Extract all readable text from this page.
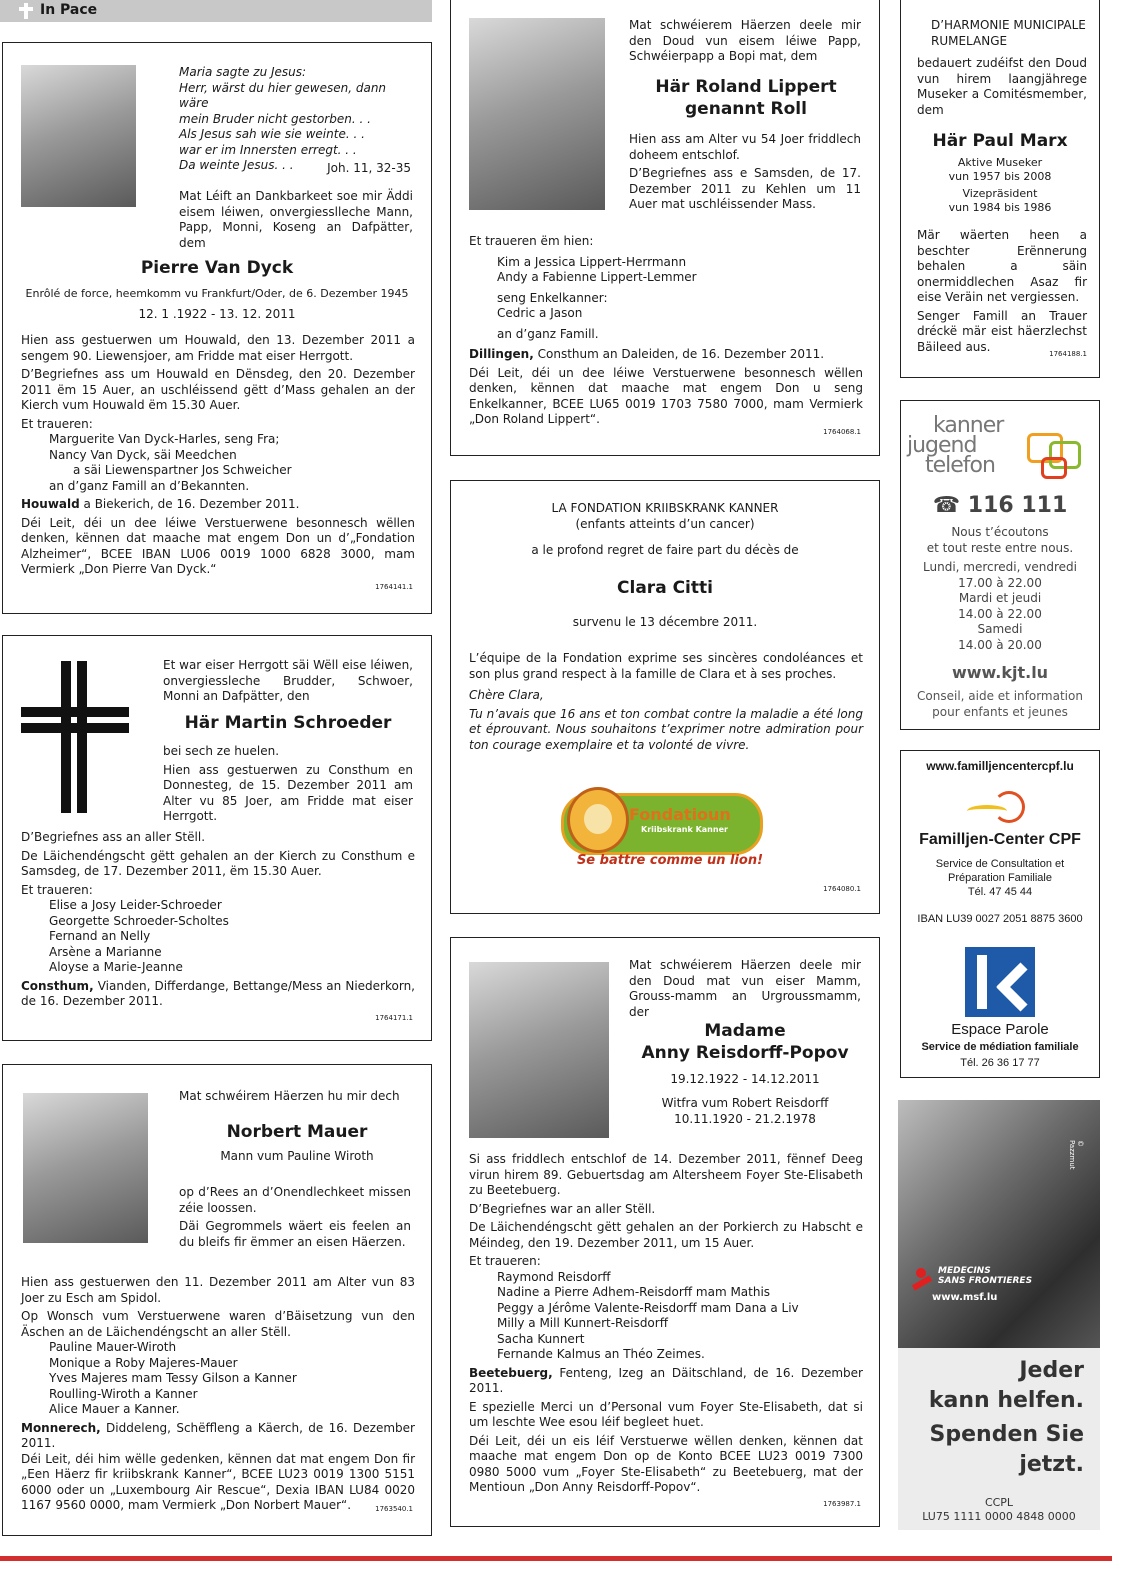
In Pace

Maria sagte zu Jesus:

Herr, wärst du hier gewesen, dann wäre

mein Bruder nicht gestorben. . .

Als Jesus sah wie sie weinte. . .

war er im Innersten erregt. . .

Da weinte Jesus. . .	Joh. 11, 32-35
Mat Léift an Dankbarkeet soe mir Äddi eisem léiwen, onvergiesslleche Mann, Papp, Monni, Koseng an Dafpätter, dem
Pierre Van Dyck
Enrôlé de force, heemkomm vu Frankfurt/Oder, de 6. Dezember 1945
12. 1 .1922 - 13. 12. 2011

Hien ass gestuerwen um Houwald, den 13. Dezember 2011 a sengem 90. Liewensjoer, am Fridde mat eiser Herrgott.

D’Begriefnes ass um Houwald en Dënsdeg, den 20. Dezember 2011 ëm 15 Auer, an uschléissend gëtt d’Mass gehalen an der Kierch vum Houwald ëm 15.30 Auer.

Et traueren:

Marguerite Van Dyck-Harles, seng Fra;

Nancy Van Dyck, säi Meedchen

a säi Liewenspartner Jos Schweicher

an d’ganz Famill an d’Bekannten.

Houwald a Biekerich, de 16. Dezember 2011.

Déi Leit, déi un dee léiwe Verstuerwene besonnesch wëllen denken, kënnen dat maache mat engem Don un d’„Fondation Alzheimer“, BCEE IBAN LU06 0019 1000 6828 3000, mam Vermierk „Don Pierre Van Dyck.“

1764141.1
Et war eiser Herrgott säi Wëll eise léiwen, onvergiessleche Brudder, Schwoer, Monni an Dafpätter, den
Här Martin Schroeder

bei sech ze huelen.

Hien ass gestuerwen zu Consthum en Donnesteg, de 15. Dezember 2011 am Alter vu 85 Joer, am Fridde mat eiser Herrgott.

D’Begriefnes ass an aller Stëll.

De Läichendéngscht gëtt gehalen an der Kierch zu Consthum e Samsdeg, de 17. Dezember 2011, ëm 15.30 Auer.

Et traueren:

Elise a Josy Leider-Schroeder

Georgette Schroeder-Scholtes

Fernand an Nelly

Arsène a Marianne

Aloyse a Marie-Jeanne

Consthum, Vianden, Differdange, Bettange/Mess an Niederkorn, de 16. Dezember 2011.

1764171.1
Mat schwéirem Häerzen hu mir dech
Norbert Mauer
Mann vum Pauline Wiroth

op d’Rees an d’Onendlechkeet missen zéie loossen.

Däi Gegrommels wäert eis feelen an du bleifs fir ëmmer an eisen Häerzen.

Hien ass gestuerwen den 11. Dezember 2011 am Alter vun 83 Joer zu Esch am Spidol.

Op Wonsch vum Verstuerwene waren d’Bäisetzung vun den Äschen an de Läichendéngscht an aller Stëll.

Pauline Mauer-Wiroth

Monique a Roby Majeres-Mauer

Yves Majeres mam Tessy Gilson a Kanner

Roulling-Wiroth a Kanner

Alice Mauer a Kanner.

Monnerech, Diddeleng, Schëffleng a Käerch, de 16. Dezember 2011.

Déi Leit, déi him wëlle gedenken, kënnen dat mat engem Don fir „Een Häerz fir kriibskrank Kanner“, BCEE LU23 0019 1300 5151 6000 oder un „Luxembourg Air Rescue“, Dexia IBAN LU84 0020 1167 9560 0000, mam Vermierk „Don Norbert Mauer“.	1763540.1
Mat schwéierem Häerzen deele mir den Doud vun eisem léiwe Papp, Schwéierpapp a Bopi mat, dem

Här Roland Lippert

genannt Roll

Hien ass am Alter vu 54 Joer friddlech doheem entschlof.

D’Begriefnes ass e Samsden, de 17. Dezember 2011 zu Kehlen um 11 Auer mat uschléissender Mass.

Et traueren ëm hien:

Kim a Jessica Lippert-Herrmann

Andy a Fabienne Lippert-Lemmer

seng Enkelkanner:

Cedric a Jason

an d’ganz Famill.

Dillingen, Consthum an Daleiden, de 16. Dezember 2011.

Déi Leit, déi un dee léiwe Verstuerwene besonnesch wëllen denken, kënnen dat maache mat engem Don u seng Enkelkanner, BCEE LU65 0019 1703 7580 7000, mam Vermierk „Don Roland Lippert“.

1764068.1

LA FONDATION KRIIBSKRANK KANNER

(enfants atteints d’un cancer)

a le profond regret de faire part du décès de
Clara Citti
survenu le 13 décembre 2011.

L’équipe de la Fondation exprime ses sincères condoléances et son plus grand respect à la famille de Clara et à ses proches.

Chère Clara,

Tu n’avais que 16 ans et ton combat contre la maladie a été long et éprouvant. Nous souhaitons t’exprimer notre admiration pour ton courage exemplaire et ta volonté de vivre.

Fondatioun
Kriibskrank Kanner
Se battre comme un lion!
1764080.1
Mat schwéierem Häerzen deele mir den Doud mat vun eiser Mamm, Grouss-mamm an Urgroussmamm, der

Madame

Anny Reisdorff-Popov

19.12.1922 - 14.12.2011

Witfra vum Robert Reisdorff

10.11.1920 - 21.2.1978

Si ass friddlech entschlof de 14. Dezember 2011, fënnef Deeg virun hirem 89. Gebuertsdag am Altersheem Foyer Ste-Elisabeth zu Beetebuerg.

D’Begriefnes war an aller Stëll.

De Läichendéngscht gëtt gehalen an der Porkierch zu Habscht e Méindeg, den 19. Dezember 2011, um 15 Auer.

Et traueren:

Raymond Reisdorff

Nadine a Pierre Adhem-Reisdorff mam Mathis

Peggy a Jérôme Valente-Reisdorff mam Dana a Liv

Milly a Mill Kunnert-Reisdorff

Sacha Kunnert

Fernande Kalmus an Théo Zeimes.

Beetebuerg, Fenteng, Izeg an Däitschland, de 16. Dezember 2011.

E spezielle Merci un d’Personal vum Foyer Ste-Elisabeth, dat si um leschte Wee esou léif begleet huet.

Déi Leit, déi un eis léif Verstuerwe wëllen denken, kënnen dat maache mat engem Don op de Konto BCEE LU23 0019 7300 0980 5000 vum „Foyer Ste-Elisabeth“ zu Beetebuerg, mat der Mentioun „Don Anny Reisdorff-Popov“.

1763987.1

D’HARMONIE MUNICIPALE

RUMELANGE

bedauert zudéifst den Doud vun hirem laangjährege Museker a Comitésmember, dem
Här Paul Marx

Aktive Museker

vun 1957 bis 2008

Vizepräsident

vun 1984 bis 1986

Mär wäerten heen a beschter Erënnerung behalen a säin onermiddlechen Asaz fir eise Veräin net vergiessen.

Senger Famill an Trauer dréckë mär eist häerzlechst Bäileed aus.

1764188.1
kanner
jugend
telefon
☎ 116 111

Nous t’écoutons

et tout reste entre nous.

Lundi, mercredi, vendredi

17.00 à 22.00

Mardi et jeudi

14.00 à 22.00

Samedi

14.00 à 20.00

www.kjt.lu

Conseil, aide et information

pour enfants et jeunes

www.familljencentercpf.lu
Familljen-Center CPF

Service de Consultation et

Préparation Familiale

Tél. 47 45 44

IBAN LU39 0027 2051 8875 3600
Espace Parole
Service de médiation familiale
Tél. 26 36 17 77
© Pazzmut

MEDECINS

SANS FRONTIERES

www.msf.lu

Jeder

kann helfen.

Spenden Sie

jetzt.

CCPL

LU75 1111 0000 4848 0000
